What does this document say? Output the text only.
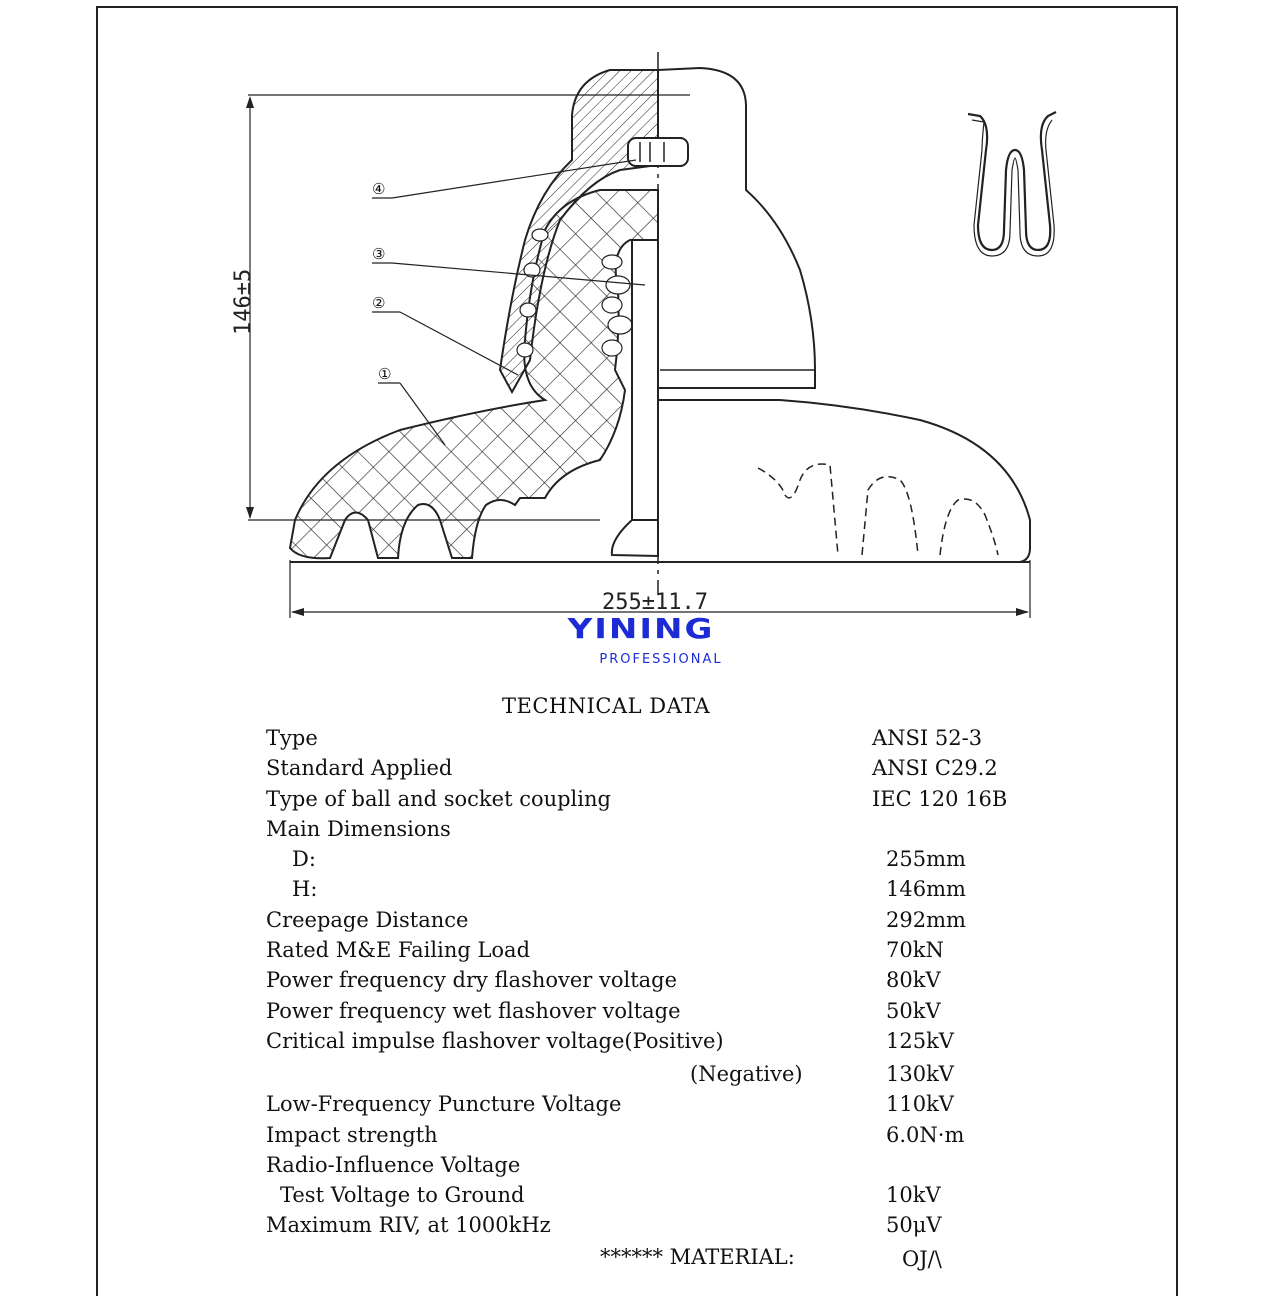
146±5
255±11.7
④
③
②
①
YINING
PROFESSIONAL
TECHNICAL DATA

Type

	ANSI 52-3

Standard Applied

	ANSI C29.2

Type of ball and socket coupling

	IEC 120 16B

Main Dimensions

D:

	255mm

H:

	146mm

Creepage Distance

	292mm

Rated M&E Failing Load

	70kN

Power frequency dry flashover voltage

	80kV

Power frequency wet flashover voltage

	50kV

Critical impulse flashover voltage(Positive)

	125kV

(Negative)

	130kV

Low-Frequency Puncture Voltage

	110kV

Impact strength

	6.0N·m

Radio-Influence Voltage

Test Voltage to Ground

	10kV

Maximum RIV, at 1000kHz

	50μV

****** MATERIAL:	OJ/\
